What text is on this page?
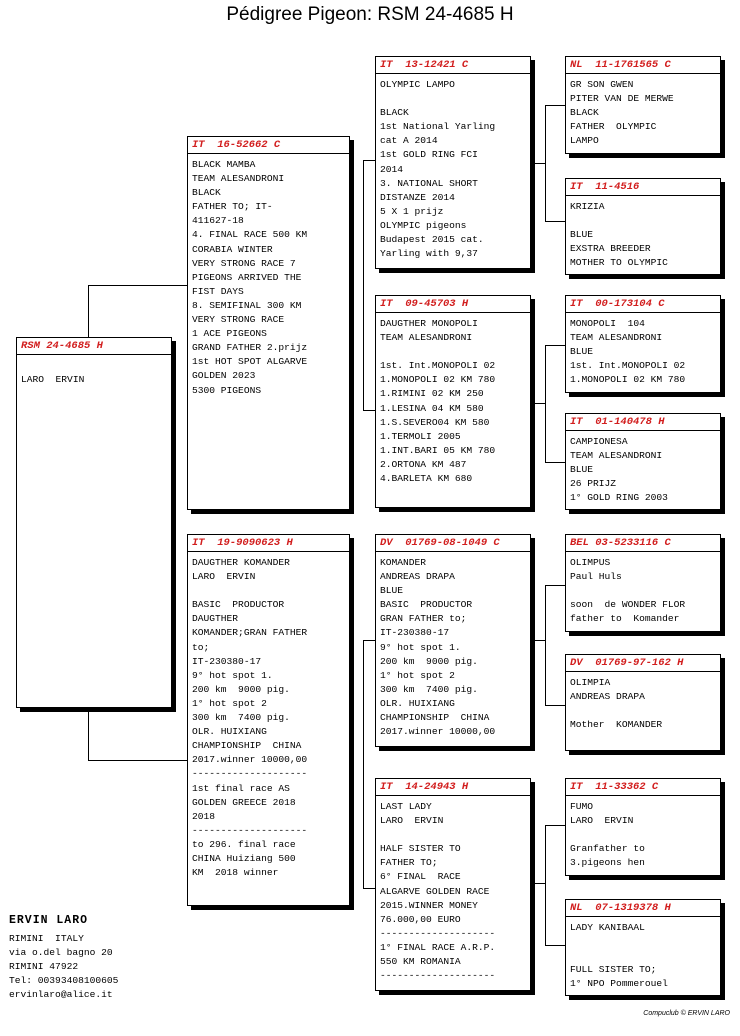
Pédigree Pigeon: RSM 24-4685 H
RSM 24-4685 H
LARO  ERVIN
IT  16-52662 C
BLACK MAMBA
TEAM ALESANDRONI
BLACK
FATHER TO; IT-
411627-18
4. FINAL RACE 500 KM
CORABIA WINTER
VERY STRONG RACE 7
PIGEONS ARRIVED THE
FIST DAYS
8. SEMIFINAL 300 KM
VERY STRONG RACE
1 ACE PIGEONS
GRAND FATHER 2.prijz
1st HOT SPOT ALGARVE
GOLDEN 2023
5300 PIGEONS
IT  19-9090623 H
DAUGTHER KOMANDER
LARO  ERVIN
BASIC  PRODUCTOR
DAUGTHER
KOMANDER;GRAN FATHER
to;
IT-230380-17
9° hot spot 1.
200 km  9000 pig.
1° hot spot 2
300 km  7400 pig.
OLR. HUIXIANG
CHAMPIONSHIP  CHINA
2017.winner 10000,00
--------------------
1st final race AS
GOLDEN GREECE 2018
2018
--------------------
to 296. final race
CHINA Huiziang 500
KM  2018 winner
IT  13-12421 C
OLYMPIC LAMPO
BLACK
1st National Yarling
cat A 2014
1st GOLD RING FCI
2014
3. NATIONAL SHORT
DISTANZE 2014
5 X 1 prijz
OLYMPIC pigeons
Budapest 2015 cat.
Yarling with 9,37
IT  09-45703 H
DAUGTHER MONOPOLI
TEAM ALESANDRONI
1st. Int.MONOPOLI 02
1.MONOPOLI 02 KM 780
1.RIMINI 02 KM 250
1.LESINA 04 KM 580
1.S.SEVERO04 KM 580
1.TERMOLI 2005
1.INT.BARI 05 KM 780
2.ORTONA KM 487
4.BARLETA KM 680
DV  01769-08-1049 C
KOMANDER
ANDREAS DRAPA
BLUE
BASIC  PRODUCTOR
GRAN FATHER to;
IT-230380-17
9° hot spot 1.
200 km  9000 pig.
1° hot spot 2
300 km  7400 pig.
OLR. HUIXIANG
CHAMPIONSHIP  CHINA
2017.winner 10000,00
IT  14-24943 H
LAST LADY
LARO  ERVIN
HALF SISTER TO
FATHER TO;
6° FINAL  RACE
ALGARVE GOLDEN RACE
2015.WINNER MONEY
76.000,00 EURO
--------------------
1° FINAL RACE A.R.P.
550 KM ROMANIA
--------------------
NL  11-1761565 C
GR SON GWEN
PITER VAN DE MERWE
BLACK
FATHER  OLYMPIC
LAMPO
IT  11-4516
KRIZIA
BLUE
EXSTRA BREEDER
MOTHER TO OLYMPIC
IT  00-173104 C
MONOPOLI  104
TEAM ALESANDRONI
BLUE
1st. Int.MONOPOLI 02
1.MONOPOLI 02 KM 780
IT  01-140478 H
CAMPIONESA
TEAM ALESANDRONI
BLUE
26 PRIJZ
1° GOLD RING 2003
BEL 03-5233116 C
OLIMPUS
Paul Huls
soon  de WONDER FLOR
father to  Komander
DV  01769-97-162 H
OLIMPIA
ANDREAS DRAPA
Mother  KOMANDER
IT  11-33362 C
FUMO
LARO  ERVIN
Granfather to
3.pigeons hen
NL  07-1319378 H
LADY KANIBAAL
FULL SISTER TO;
1° NPO Pommerouel
ERVIN LARO
RIMINI  ITALY
via o.del bagno 20
RIMINI 47922
Tel: 00393408100605
ervinlaro@alice.it
Compuclub © ERVIN LARO
